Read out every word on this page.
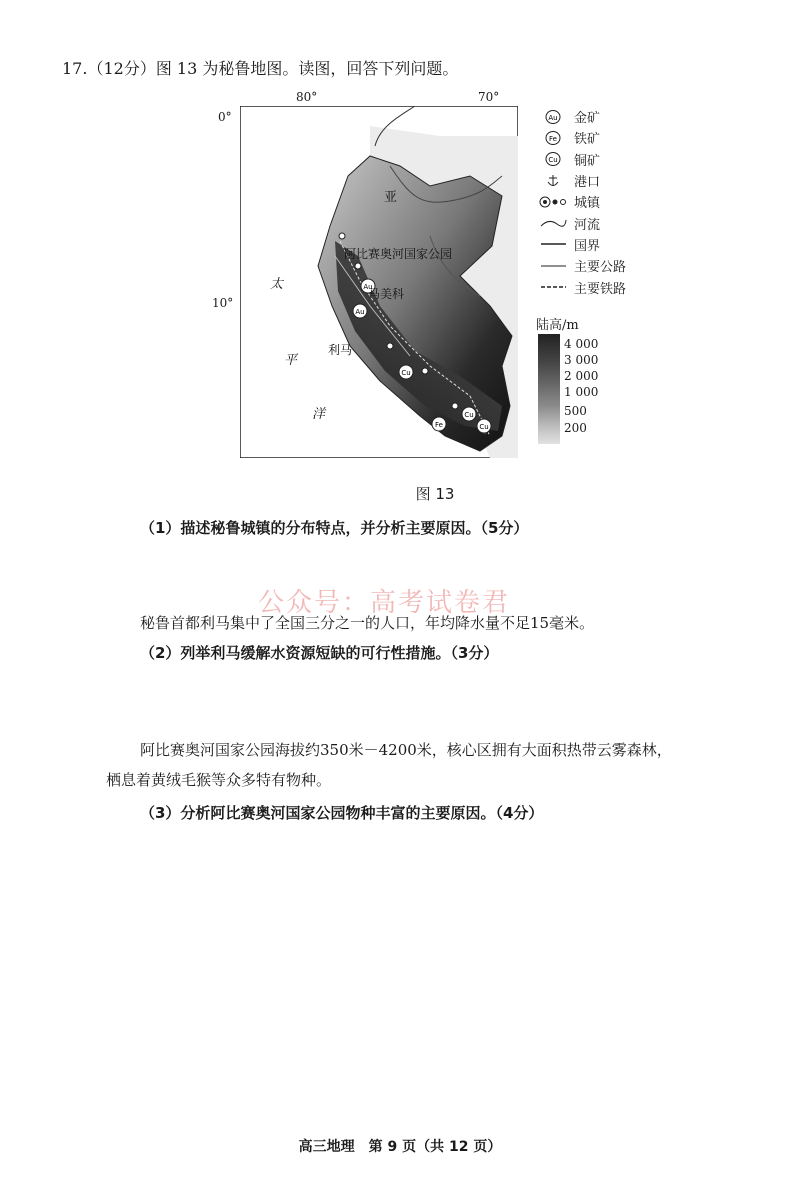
17.（12分）图 13 为秘鲁地图。读图，回答下列问题。
80°	70°
0°
10°
Au
Au
Cu
Fe
Cu
Cu
亚
阿比赛奥河国家公园
马美科
利马
太
平
洋
Au 金矿
Fe 铁矿
Cu 铜矿
港口
城镇
河流
国界
主要公路
主要铁路
陆高/m
4 000
3 000
2 000
1 000
500
200
图 13
（1）描述秘鲁城镇的分布特点，并分析主要原因。（5分）
公众号：高考试卷君
秘鲁首都利马集中了全国三分之一的人口，年均降水量不足15毫米。
（2）列举利马缓解水资源短缺的可行性措施。（3分）
阿比赛奥河国家公园海拔约350米－4200米，核心区拥有大面积热带云雾森林，
栖息着黄绒毛猴等众多特有物种。
（3）分析阿比赛奥河国家公园物种丰富的主要原因。（4分）
高三地理　第 9 页（共 12 页）
